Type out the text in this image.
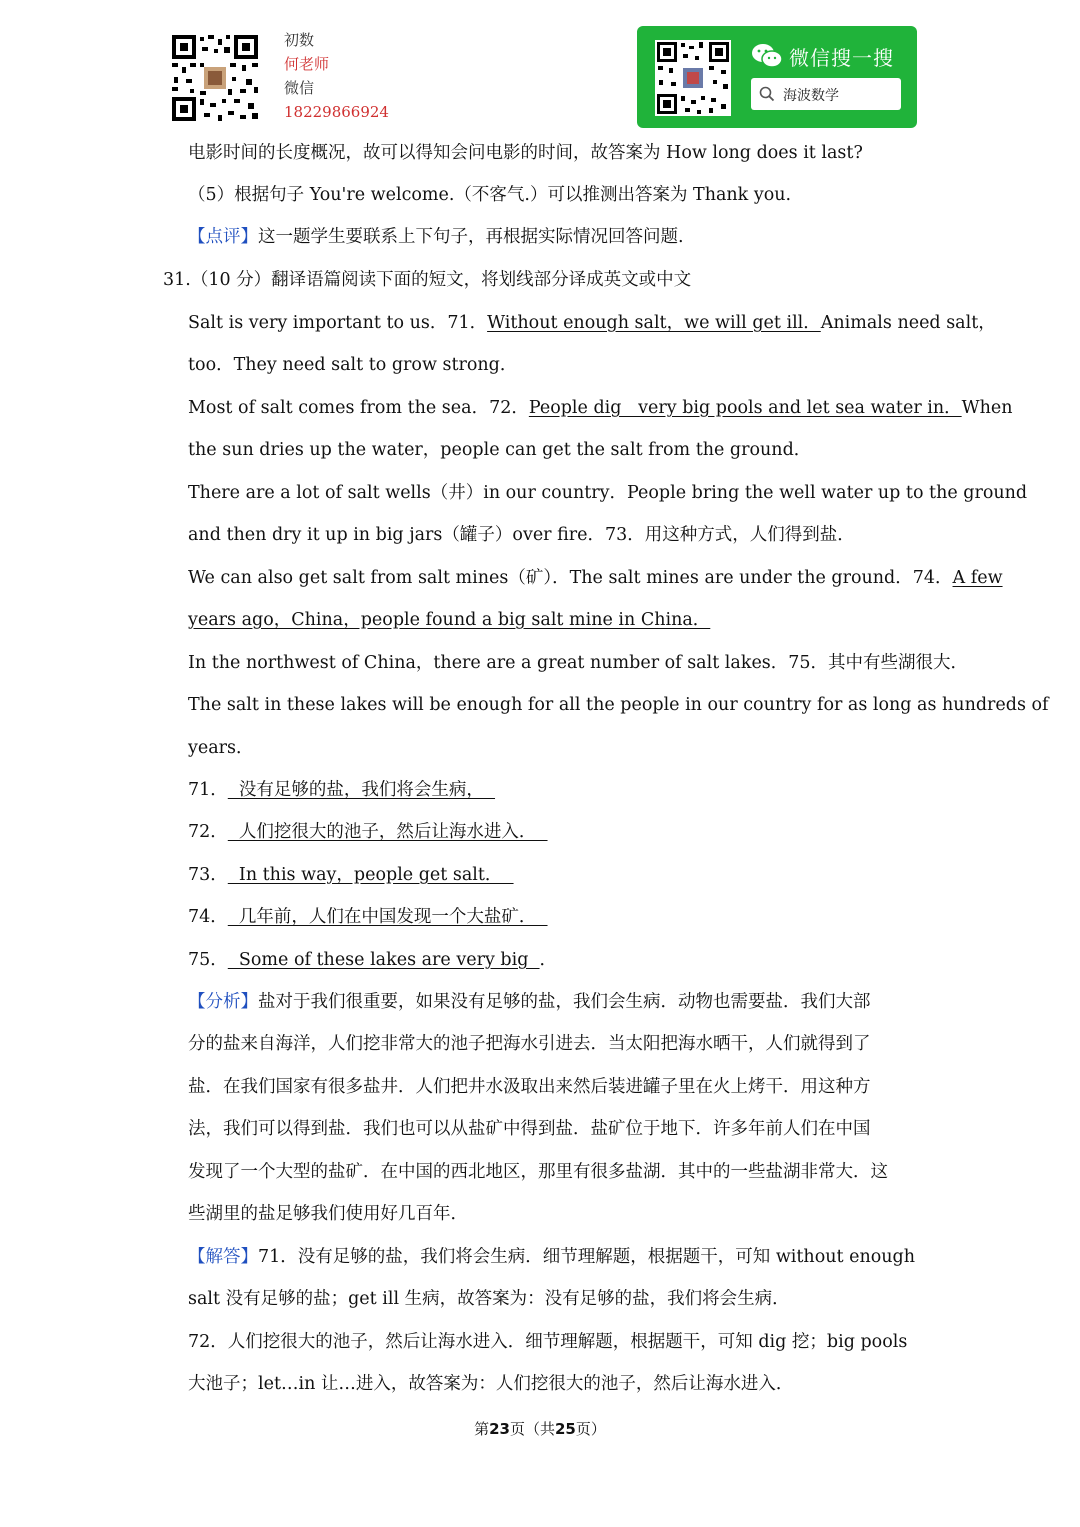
初数
何老师
微信
18229866924
微信搜一搜
海波数学
电影时间的长度概况，故可以得知会问电影的时间，故答案为 How long does it last?
（5）根据句子 You're welcome.（不客气.）可以推测出答案为 Thank you.
【点评】这一题学生要联系上下句子，再根据实际情况回答问题.
31.（10 分）翻译语篇阅读下面的短文，将划线部分译成英文或中文
Salt is very important to us．71．Without enough salt，we will get ill．Animals need salt，
too．They need salt to grow strong．
Most of salt comes from the sea．72．People dig   very big pools and let sea water in．When
the sun dries up the water，people can get the salt from the ground．
There are a lot of salt wells（井）in our country．People bring the well water up to the ground
and then dry it up in big jars（罐子）over fire．73．用这种方式，人们得到盐．
We can also get salt from salt mines（矿）．The salt mines are under the ground．74．A few
years ago，China，people found a big salt mine in China．
In the northwest of China，there are a great number of salt lakes．75．其中有些湖很大．
The salt in these lakes will be enough for all the people in our country for as long as hundreds of
years．
71．  没有足够的盐，我们将会生病，
72．  人们挖很大的池子，然后让海水进入．
73．  In this way，people get salt．
74．  几年前，人们在中国发现一个大盐矿．
75．  Some of these lakes are very big  ．
【分析】盐对于我们很重要，如果没有足够的盐，我们会生病．动物也需要盐．我们大部
分的盐来自海洋，人们挖非常大的池子把海水引进去．当太阳把海水晒干，人们就得到了
盐．在我们国家有很多盐井．人们把井水汲取出来然后装进罐子里在火上烤干．用这种方
法，我们可以得到盐．我们也可以从盐矿中得到盐．盐矿位于地下．许多年前人们在中国
发现了一个大型的盐矿．在中国的西北地区，那里有很多盐湖．其中的一些盐湖非常大．这
些湖里的盐足够我们使用好几百年．
【解答】71．没有足够的盐，我们将会生病．细节理解题，根据题干，可知 without enough
salt 没有足够的盐；get ill 生病，故答案为：没有足够的盐，我们将会生病．
72．人们挖很大的池子，然后让海水进入．细节理解题，根据题干，可知 dig 挖；big pools
大池子；let…in 让…进入，故答案为：人们挖很大的池子，然后让海水进入．
第23页（共25页）
